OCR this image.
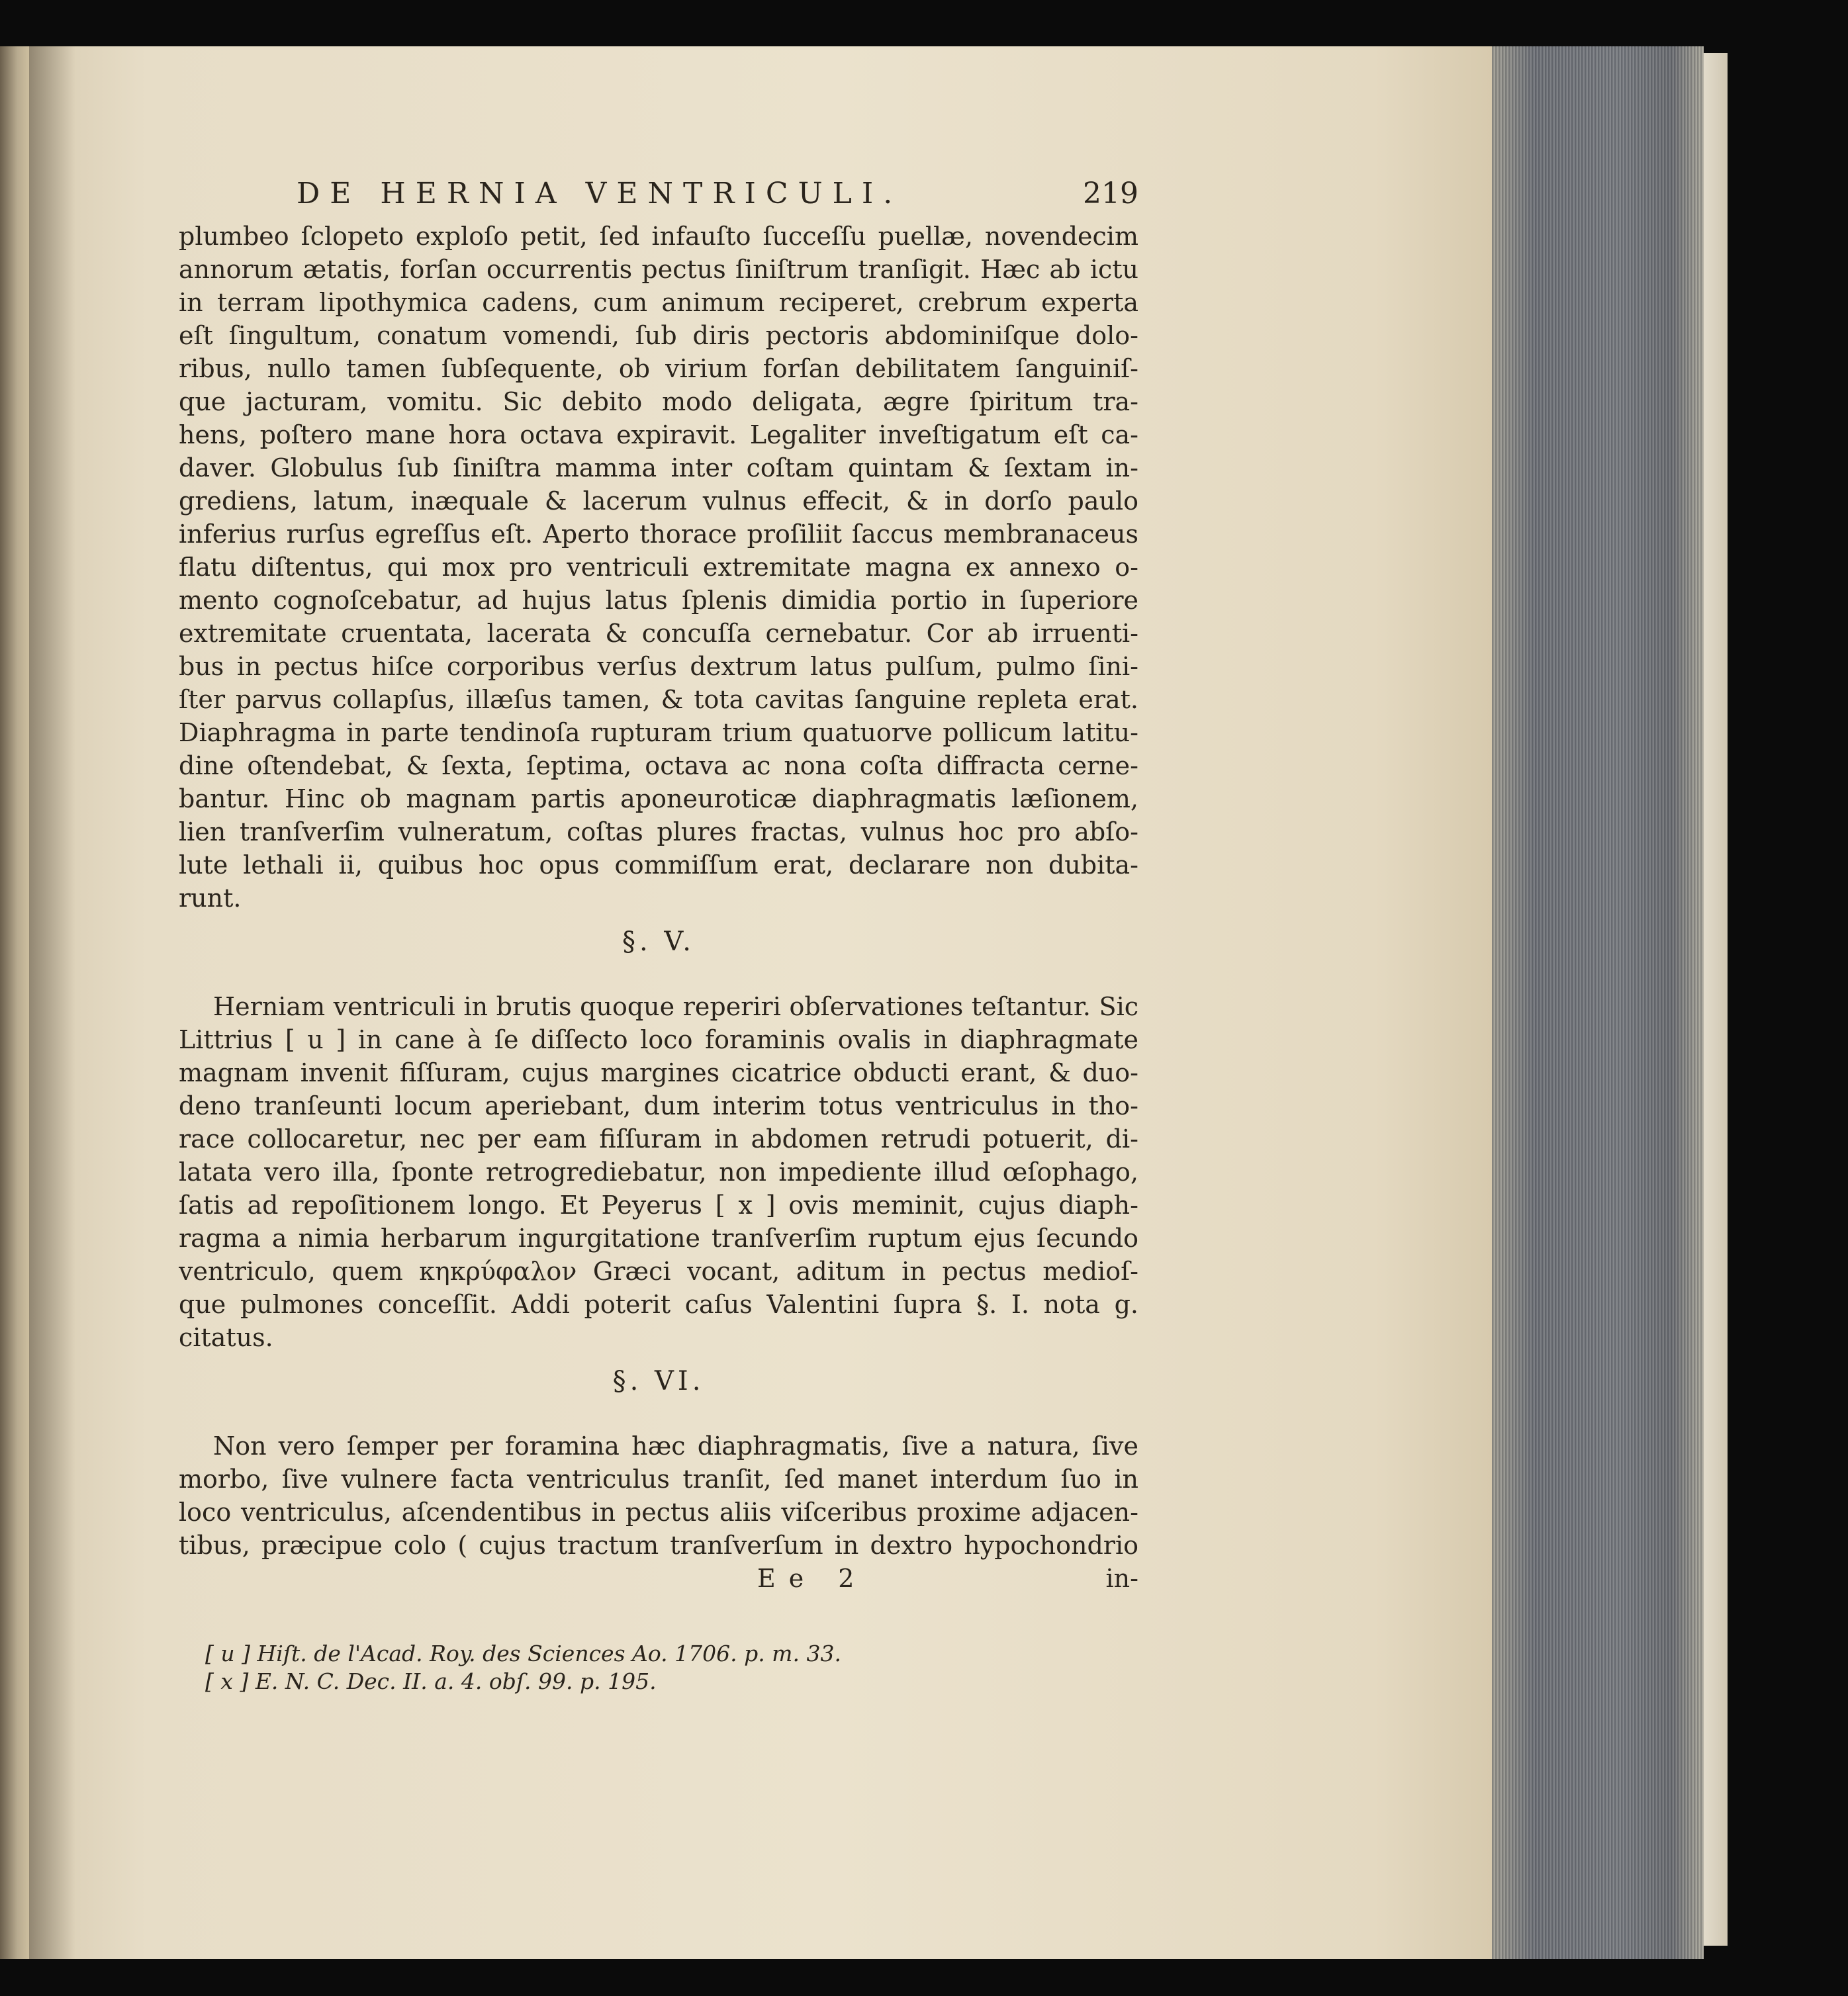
DE HERNIA VENTRICULI.	219
plumbeo ſclopeto exploſo petit, ſed infauſto ſucceſſu puellæ, novendecim
annorum ætatis, forſan occurrentis pectus ſiniſtrum tranſigit. Hæc ab ictu
in terram lipothymica cadens, cum animum reciperet, crebrum experta
eſt ſingultum, conatum vomendi, ſub diris pectoris abdominiſque dolo-
ribus, nullo tamen ſubſequente, ob virium forſan debilitatem ſanguiniſ-
que jacturam, vomitu. Sic debito modo deligata, ægre ſpiritum tra-
hens, poſtero mane hora octava expiravit. Legaliter inveſtigatum eſt ca-
daver. Globulus ſub ſiniſtra mamma inter coſtam quintam & ſextam in-
grediens, latum, inæquale & lacerum vulnus effecit, & in dorſo paulo
inferius rurſus egreſſus eſt. Aperto thorace proſiliit ſaccus membranaceus
flatu diſtentus, qui mox pro ventriculi extremitate magna ex annexo o-
mento cognoſcebatur, ad hujus latus ſplenis dimidia portio in ſuperiore
extremitate cruentata, lacerata & concuſſa cernebatur. Cor ab irruenti-
bus in pectus hiſce corporibus verſus dextrum latus pulſum, pulmo ſini-
ſter parvus collapſus, illæſus tamen, & tota cavitas ſanguine repleta erat.
Diaphragma in parte tendinoſa rupturam trium quatuorve pollicum latitu-
dine oſtendebat, & ſexta, ſeptima, octava ac nona coſta diffracta cerne-
bantur. Hinc ob magnam partis aponeuroticæ diaphragmatis læſionem,
lien tranſverſim vulneratum, coſtas plures fractas, vulnus hoc pro abſo-
lute lethali ii, quibus hoc opus commiſſum erat, declarare non dubita-
runt.
§. V.
Herniam ventriculi in brutis quoque reperiri obſervationes teſtantur. Sic
Littrius [ u ] in cane à ſe diſſecto loco foraminis ovalis in diaphragmate
magnam invenit fiſſuram, cujus margines cicatrice obducti erant, & duo-
deno tranſeunti locum aperiebant, dum interim totus ventriculus in tho-
race collocaretur, nec per eam fiſſuram in abdomen retrudi potuerit, di-
latata vero illa, ſponte retrogrediebatur, non impediente illud œſophago,
ſatis ad repoſitionem longo. Et Peyerus [ x ] ovis meminit, cujus diaph-
ragma a nimia herbarum ingurgitatione tranſverſim ruptum ejus ſecundo
ventriculo, quem κηκρύφαλον Græci vocant, aditum in pectus medioſ-
que pulmones conceſſit. Addi poterit caſus Valentini ſupra §. I. nota g.
citatus.
§. VI.
Non vero ſemper per foramina hæc diaphragmatis, ſive a natura, ſive
morbo, ſive vulnere facta ventriculus tranſit, ſed manet interdum ſuo in
loco ventriculus, aſcendentibus in pectus aliis viſceribus proxime adjacen-
tibus, præcipue colo ( cujus tractum tranſverſum in dextro hypochondrio
Ee 2	in-
[ u ] Hiſt. de l'Acad. Roy. des Sciences Ao. 1706. p. m. 33.
[ x ] E. N. C. Dec. II. a. 4. obſ. 99. p. 195.
